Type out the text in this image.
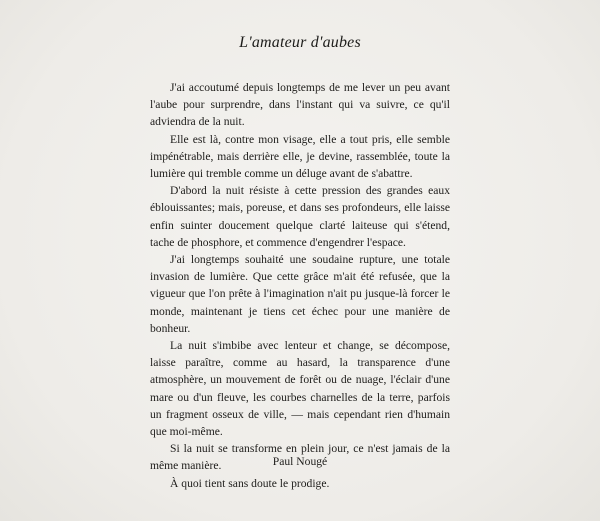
L'amateur d'aubes

J'ai accoutumé depuis longtemps de me lever un peu avant l'aube pour surprendre, dans l'instant qui va suivre, ce qu'il adviendra de la nuit.

Elle est là, contre mon visage, elle a tout pris, elle semble impénétrable, mais derrière elle, je devine, rassemblée, toute la lumière qui tremble comme un déluge avant de s'abattre.

D'abord la nuit résiste à cette pression des grandes eaux éblouissantes; mais, poreuse, et dans ses profondeurs, elle laisse enfin suinter doucement quelque clarté laiteuse qui s'étend, tache de phosphore, et commence d'engendrer l'espace.

J'ai longtemps souhaité une soudaine rupture, une totale invasion de lumière. Que cette grâce m'ait été refusée, que la vigueur que l'on prête à l'imagination n'ait pu jusque-là forcer le monde, maintenant je tiens cet échec pour une manière de bonheur.

La nuit s'imbibe avec lenteur et change, se décompose, laisse paraître, comme au hasard, la transparence d'une atmosphère, un mouvement de forêt ou de nuage, l'éclair d'une mare ou d'un fleuve, les courbes charnelles de la terre, parfois un fragment osseux de ville, — mais cependant rien d'humain que moi-même.

Si la nuit se transforme en plein jour, ce n'est jamais de la même manière.

À quoi tient sans doute le prodige.

Paul Nougé
